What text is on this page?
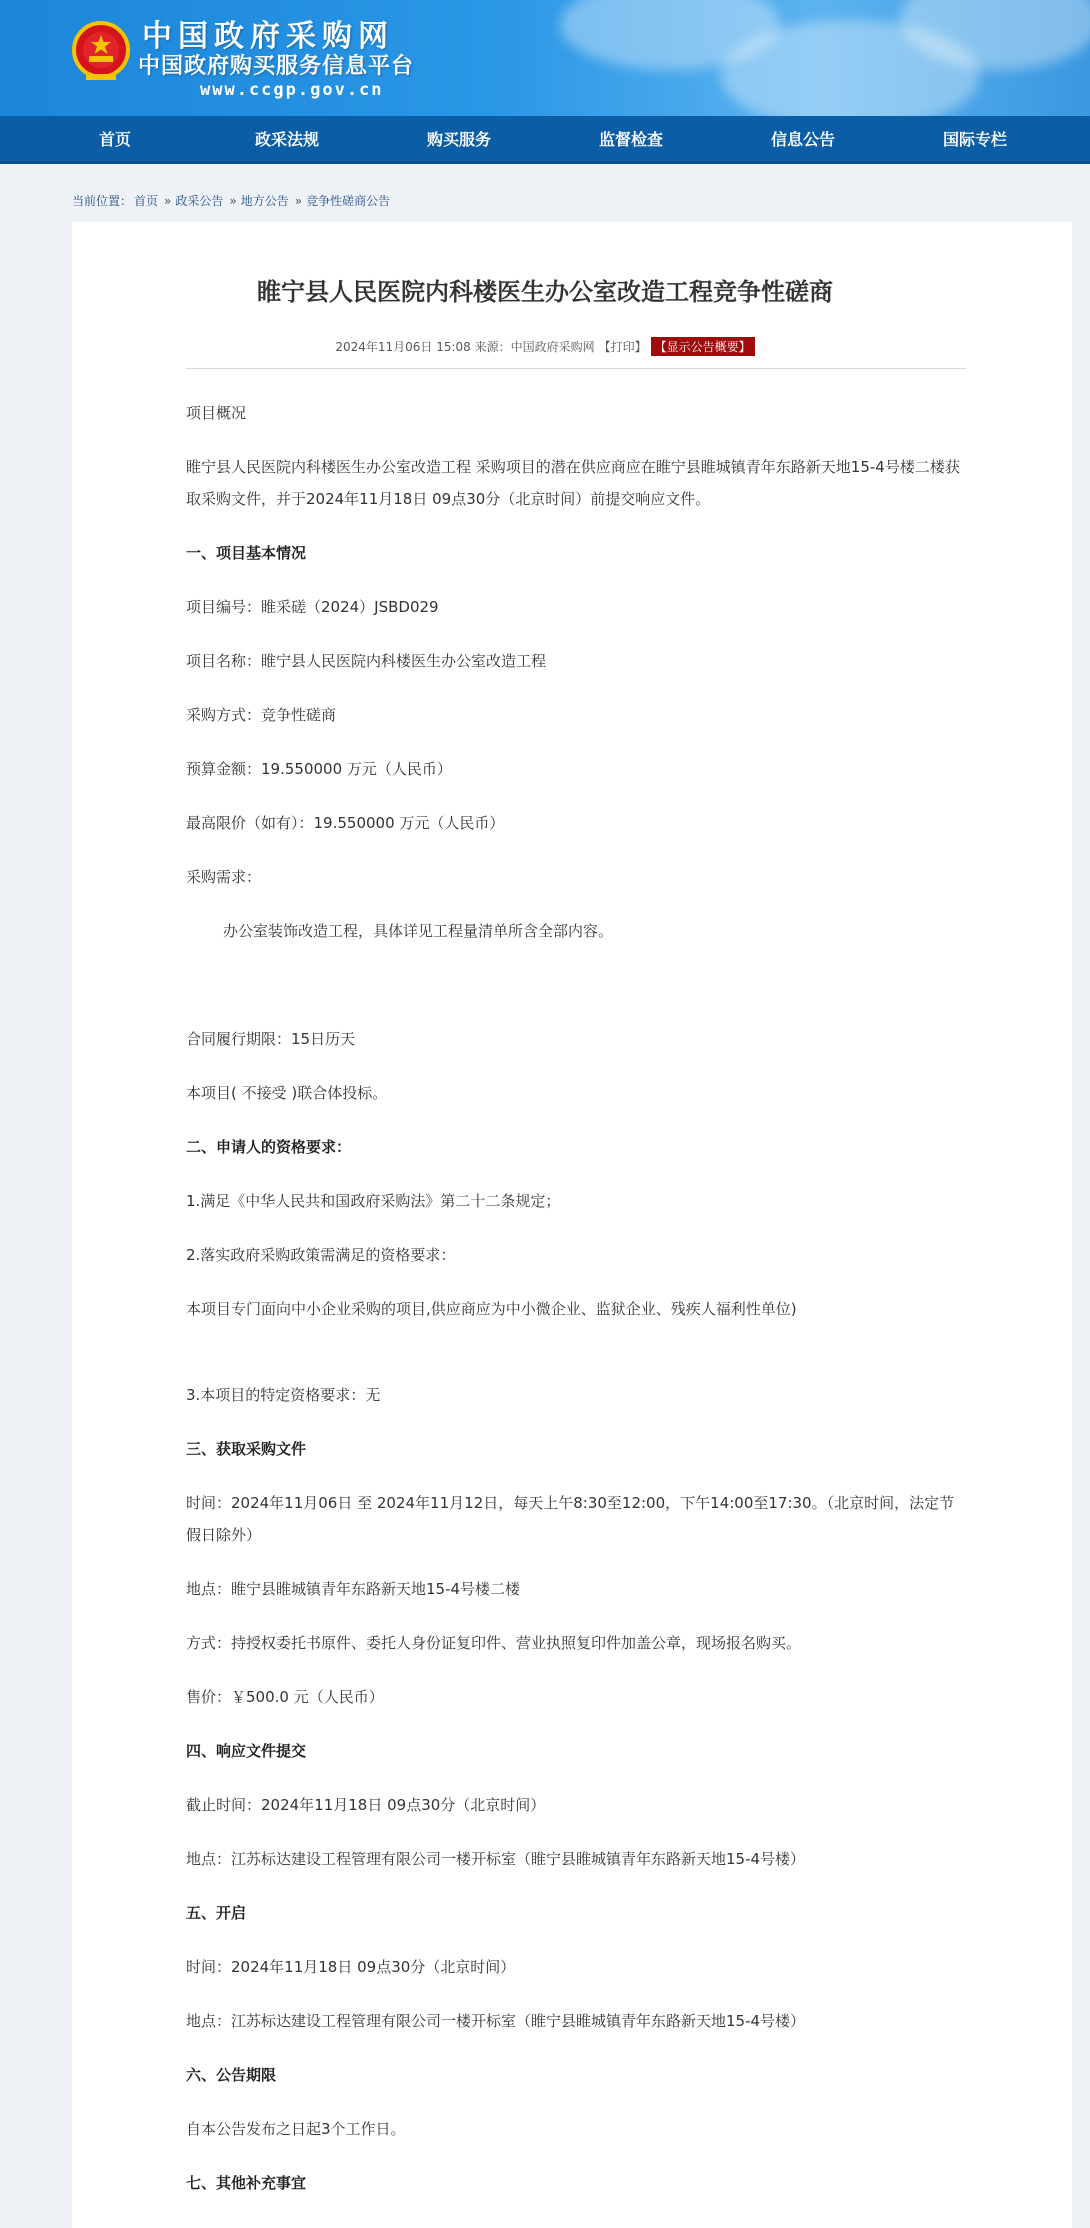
中国政府采购网
中国政府购买服务信息平台
www.ccgp.gov.cn
首页	政采法规	购买服务	监督检查	信息公告	国际专栏
当前位置： 首页 » 政采公告 » 地方公告 » 竞争性磋商公告
睢宁县人民医院内科楼医生办公室改造工程竞争性磋商
2024年11月06日 15:08 来源：中国政府采购网 【打印】 【显示公告概要】
项目概况
睢宁县人民医院内科楼医生办公室改造工程 采购项目的潜在供应商应在睢宁县睢城镇青年东路新天地15-4号楼二楼获取采购文件，并于2024年11月18日 09点30分（北京时间）前提交响应文件。
一、项目基本情况
项目编号：睢采磋（2024）JSBD029
项目名称：睢宁县人民医院内科楼医生办公室改造工程
采购方式：竞争性磋商
预算金额：19.550000 万元（人民币）
最高限价（如有）：19.550000 万元（人民币）
采购需求：
办公室装饰改造工程，具体详见工程量清单所含全部内容。
合同履行期限：15日历天
本项目( 不接受 )联合体投标。
二、申请人的资格要求：
1.满足《中华人民共和国政府采购法》第二十二条规定；
2.落实政府采购政策需满足的资格要求：
本项目专门面向中小企业采购的项目,供应商应为中小微企业、监狱企业、残疾人福利性单位)
3.本项目的特定资格要求：无
三、获取采购文件
时间：2024年11月06日 至 2024年11月12日，每天上午8:30至12:00，下午14:00至17:30。（北京时间，法定节假日除外）
地点：睢宁县睢城镇青年东路新天地15-4号楼二楼
方式：持授权委托书原件、委托人身份证复印件、营业执照复印件加盖公章，现场报名购买。
售价：￥500.0 元（人民币）
四、响应文件提交
截止时间：2024年11月18日 09点30分（北京时间）
地点：江苏标达建设工程管理有限公司一楼开标室（睢宁县睢城镇青年东路新天地15-4号楼）
五、开启
时间：2024年11月18日 09点30分（北京时间）
地点：江苏标达建设工程管理有限公司一楼开标室（睢宁县睢城镇青年东路新天地15-4号楼）
六、公告期限
自本公告发布之日起3个工作日。
七、其他补充事宜
